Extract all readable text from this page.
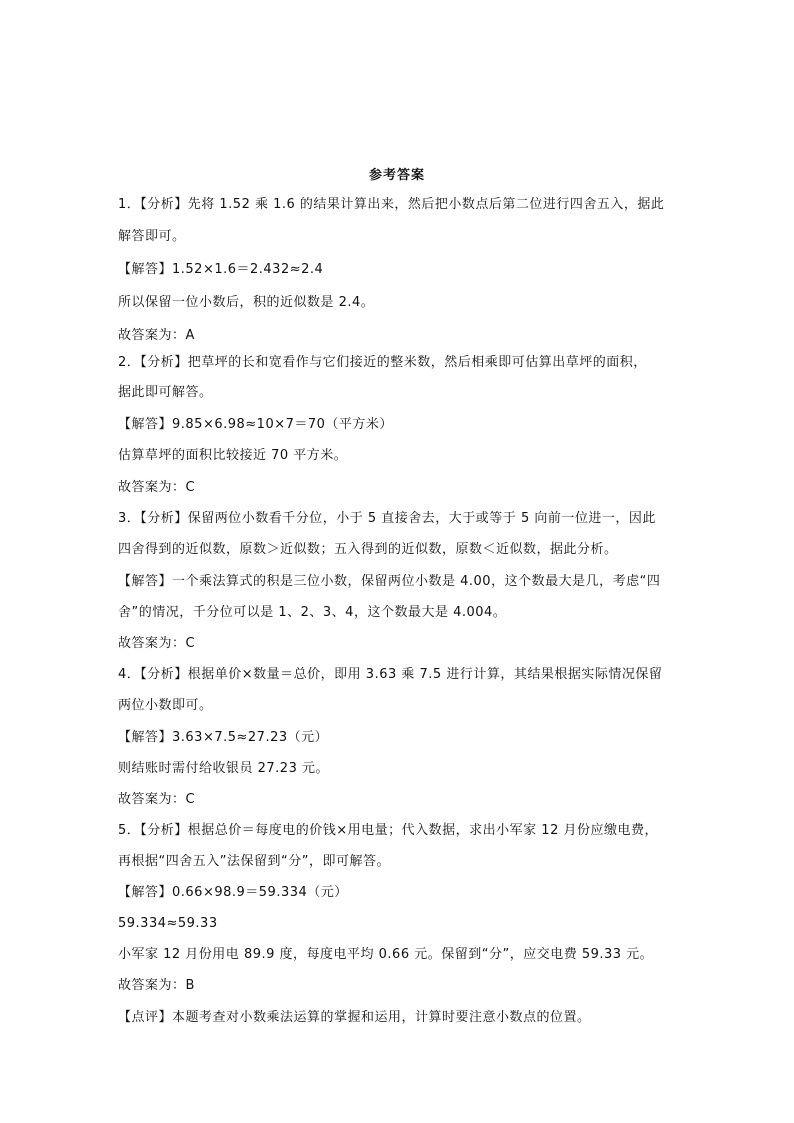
参考答案
1．【分析】先将 1.52 乘 1.6 的结果计算出来，然后把小数点后第二位进行四舍五入，据此
解答即可。
【解答】1.52×1.6＝2.432≈2.4
所以保留一位小数后，积的近似数是 2.4。
故答案为：A
2．【分析】把草坪的长和宽看作与它们接近的整米数，然后相乘即可估算出草坪的面积，
据此即可解答。
【解答】9.85×6.98≈10×7＝70（平方米）
估算草坪的面积比较接近 70 平方米。
故答案为：C
3．【分析】保留两位小数看千分位，小于 5 直接舍去，大于或等于 5 向前一位进一，因此
四舍得到的近似数，原数＞近似数；五入得到的近似数，原数＜近似数，据此分析。
【解答】一个乘法算式的积是三位小数，保留两位小数是 4.00，这个数最大是几，考虑“四
舍”的情况，千分位可以是 1、2、3、4，这个数最大是 4.004。
故答案为：C
4．【分析】根据单价×数量＝总价，即用 3.63 乘 7.5 进行计算，其结果根据实际情况保留
两位小数即可。
【解答】3.63×7.5≈27.23（元）
则结账时需付给收银员 27.23 元。
故答案为：C
5．【分析】根据总价＝每度电的价钱×用电量；代入数据，求出小军家 12 月份应缴电费，
再根据“四舍五入”法保留到“分”，即可解答。
【解答】0.66×98.9＝59.334（元）
59.334≈59.33
小军家 12 月份用电 89.9 度，每度电平均 0.66 元。保留到“分”，应交电费 59.33 元。
故答案为：B
【点评】本题考查对小数乘法运算的掌握和运用，计算时要注意小数点的位置。
